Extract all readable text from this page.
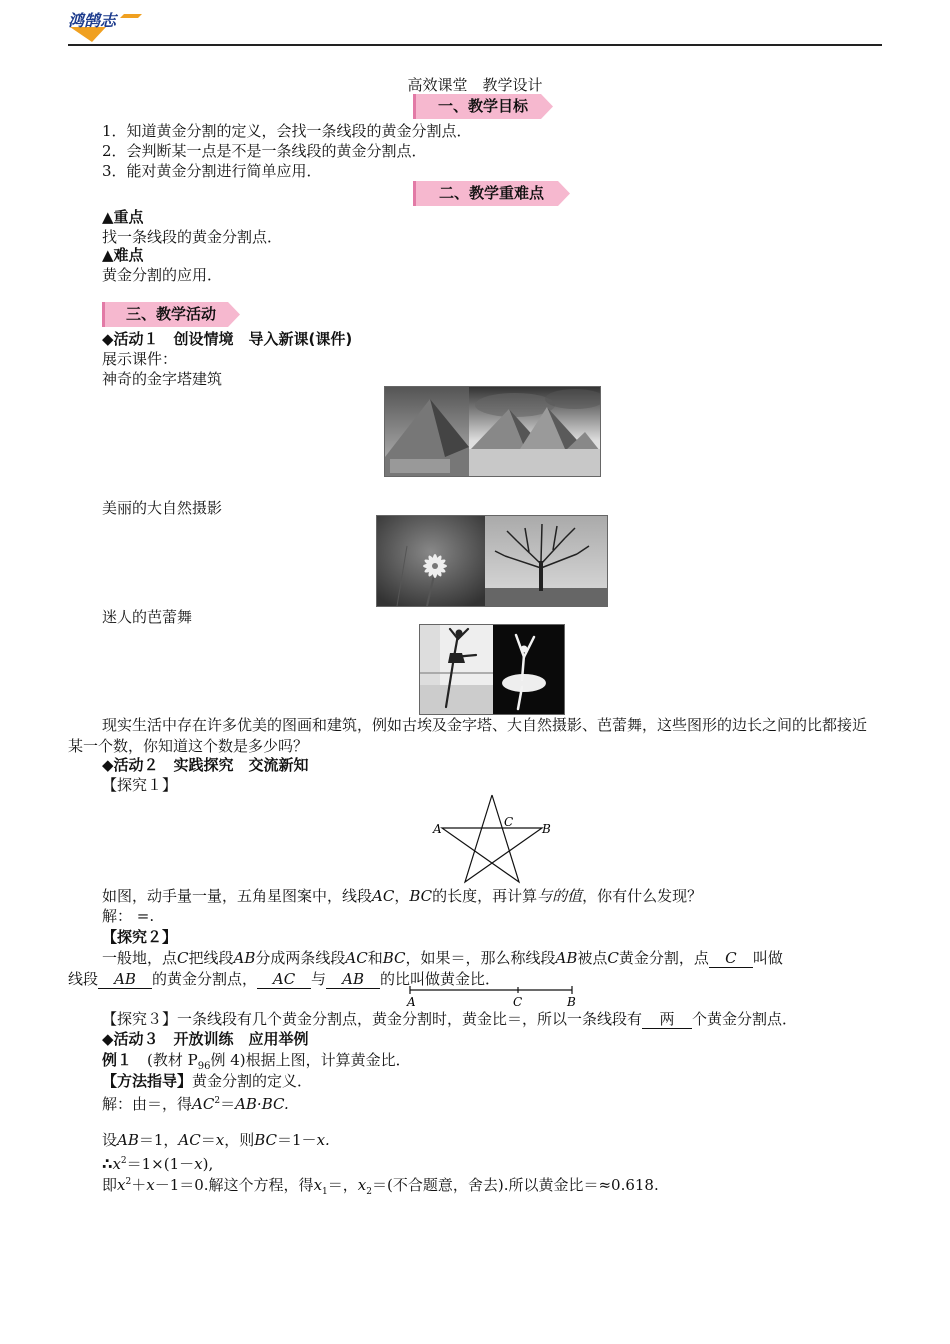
鸿鹄志
高效课堂　教学设计
一、教学目标
1．知道黄金分割的定义，会找一条线段的黄金分割点．
2．会判断某一点是不是一条线段的黄金分割点．
3．能对黄金分割进行简单应用．
二、教学重难点
▲重点
找一条线段的黄金分割点．
▲难点
黄金分割的应用．
三、教学活动
◆活动１　创设情境　导入新课(课件)
展示课件：
神奇的金字塔建筑
美丽的大自然摄影
迷人的芭蕾舞
现实生活中存在许多优美的图画和建筑，例如古埃及金字塔、大自然摄影、芭蕾舞，这些图形的边长之间的比都接近某一个数，你知道这个数是多少吗？
◆活动２　实践探究　交流新知
【探究１】
A	B
C
如图，动手量一量，五角星图案中，线段AC，BC的长度，再计算与的值，你有什么发现？
解： =.
【探究２】
一般地，点C把线段AB分成两条线段AC和BC，如果＝，那么称线段AB被点C黄金分割，点 C 叫做
线段 AB 的黄金分割点， AC 与 AB 的比叫做黄金比．
A	C	B
【探究３】一条线段有几个黄金分割点，黄金分割时，黄金比＝，所以一条线段有 两 个黄金分割点．
◆活动３　开放训练　应用举例
例１　 (教材 $P_{96}$例 4)根据上图，计算黄金比．
【方法指导】黄金分割的定义．
解：由＝，得$AC^2=AB\cdot BC$.
设AB＝1，AC＝x，则BC＝1－x.
$\therefore x^2=1\times(1-x)$,
即$x^2+x-1=0$.解这个方程，得$x_1=$，$x_2=$(不合题意，舍去).所以黄金比＝≈0.618.
